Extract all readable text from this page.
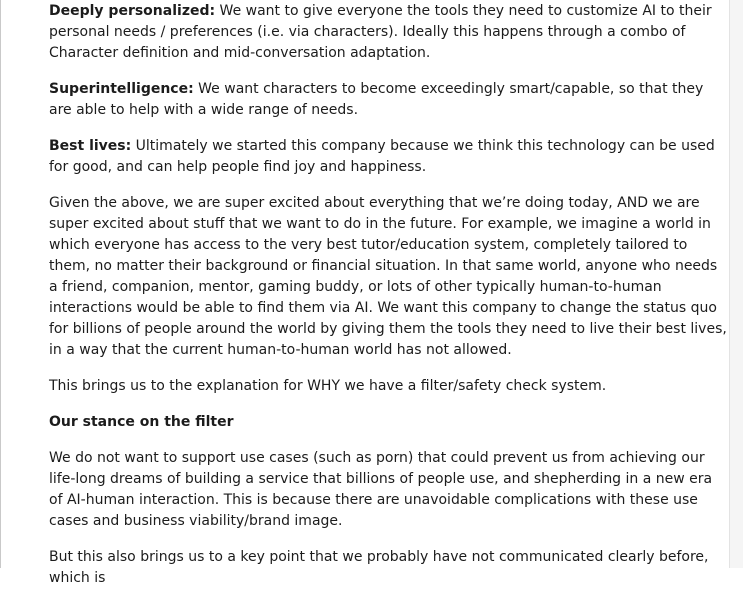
Deeply personalized: We want to give everyone the tools they need to customize AI to their personal needs / preferences (i.e. via characters). Ideally this happens through a combo of Character definition and mid-conversation adaptation.

Superintelligence: We want characters to become exceedingly smart/capable, so that they are able to help with a wide range of needs.

Best lives: Ultimately we started this company because we think this technology can be used for good, and can help people find joy and happiness.

Given the above, we are super excited about everything that we’re doing today, AND we are super excited about stuff that we want to do in the future. For example, we imagine a world in which everyone has access to the very best tutor/education system, completely tailored to them, no matter their background or financial situation. In that same world, anyone who needs a friend, companion, mentor, gaming buddy, or lots of other typically human-to-human interactions would be able to find them via AI. We want this company to change the status quo for billions of people around the world by giving them the tools they need to live their best lives, in a way that the current human-to-human world has not allowed.

This brings us to the explanation for WHY we have a filter/safety check system.

Our stance on the filter

We do not want to support use cases (such as porn) that could prevent us from achieving our life-long dreams of building a service that billions of people use, and shepherding in a new era of AI-human interaction. This is because there are unavoidable complications with these use cases and business viability/brand image.

But this also brings us to a key point that we probably have not communicated clearly before, which is
